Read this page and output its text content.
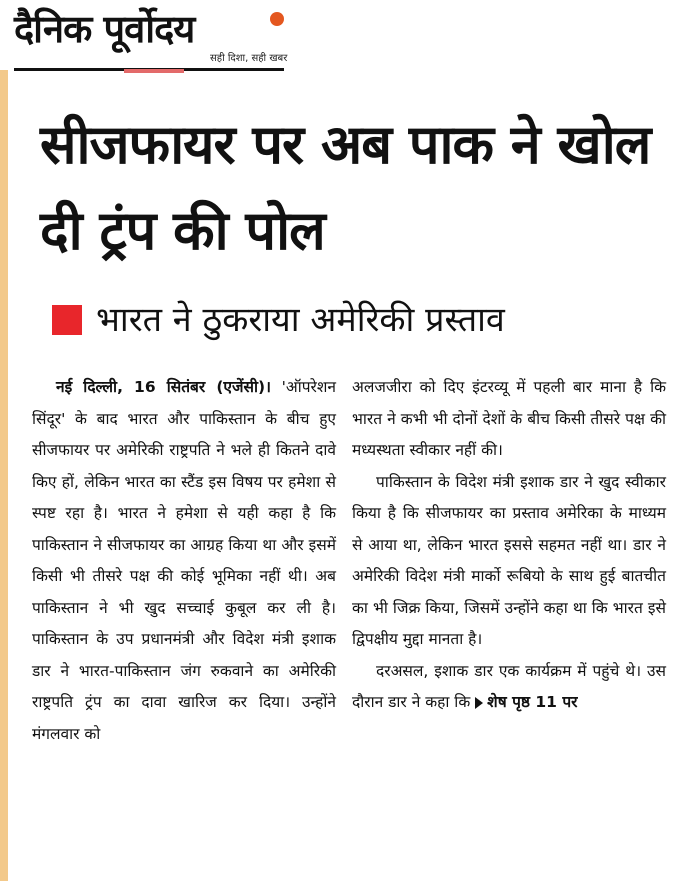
दैनिक पूर्वोदय
सही दिशा, सही खबर
सीजफायर पर अब पाक ने खोल दी ट्रंप की पोल
भारत ने ठुकराया अमेरिकी प्रस्ताव

नई दिल्ली, 16 सितंबर (एजेंसी)। 'ऑपरेशन सिंदूर' के बाद भारत और पाकिस्तान के बीच हुए सीजफायर पर अमेरिकी राष्ट्रपति ने भले ही कितने दावे किए हों, लेकिन भारत का स्टैंड इस विषय पर हमेशा से स्पष्ट रहा है। भारत ने हमेशा से यही कहा है कि पाकिस्तान ने सीजफायर का आग्रह किया था और इसमें किसी भी तीसरे पक्ष की कोई भूमिका नहीं थी। अब पाकिस्तान ने भी खुद सच्चाई कुबूल कर ली है। पाकिस्तान के उप प्रधानमंत्री और विदेश मंत्री इशाक डार ने भारत-पाकिस्तान जंग रुकवाने का अमेरिकी राष्ट्रपति ट्रंप का दावा खारिज कर दिया। उन्होंने मंगलवार को

अलजजीरा को दिए इंटरव्यू में पहली बार माना है कि भारत ने कभी भी दोनों देशों के बीच किसी तीसरे पक्ष की मध्यस्थता स्वीकार नहीं की।

पाकिस्तान के विदेश मंत्री इशाक डार ने खुद स्वीकार किया है कि सीजफायर का प्रस्ताव अमेरिका के माध्यम से आया था, लेकिन भारत इससे सहमत नहीं था। डार ने अमेरिकी विदेश मंत्री मार्को रूबियो के साथ हुई बातचीत का भी जिक्र किया, जिसमें उन्होंने कहा था कि भारत इसे द्विपक्षीय मुद्दा मानता है।

दरअसल, इशाक डार एक कार्यक्रम में पहुंचे थे। उस दौरान डार ने कहा कि शेष पृष्ठ 11 पर
